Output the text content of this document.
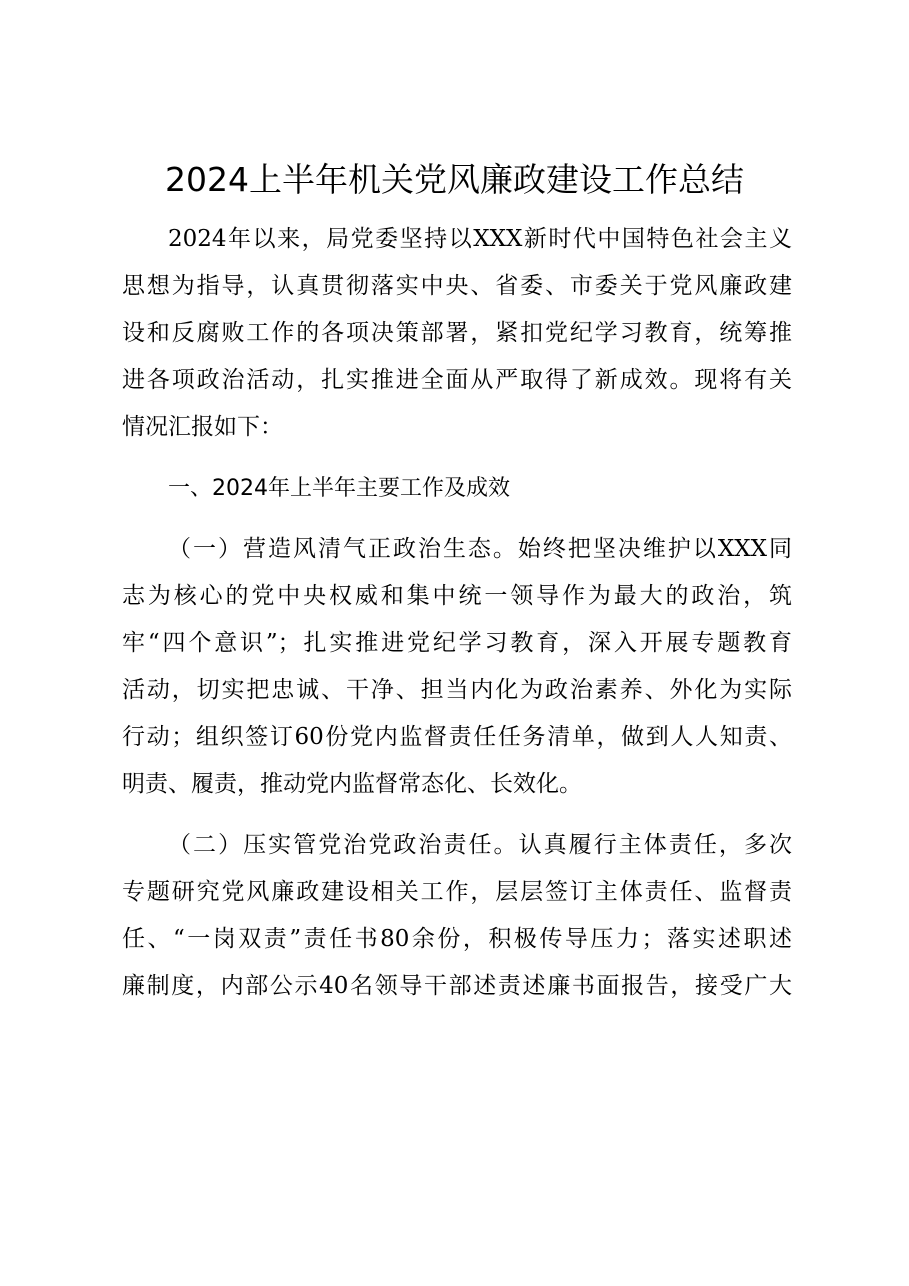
2024上半年机关党风廉政建设工作总结
2024年以来，局党委坚持以XXX新时代中国特色社会主义
思想为指导，认真贯彻落实中央、省委、市委关于党风廉政建
设和反腐败工作的各项决策部署，紧扣党纪学习教育，统筹推
进各项政治活动，扎实推进全面从严取得了新成效。现将有关
情况汇报如下：
一、2024年上半年主要工作及成效
（一）营造风清气正政治生态。始终把坚决维护以XXX同
志为核心的党中央权威和集中统一领导作为最大的政治，筑
牢“四个意识”；扎实推进党纪学习教育，深入开展专题教育
活动，切实把忠诚、干净、担当内化为政治素养、外化为实际
行动；组织签订60份党内监督责任任务清单，做到人人知责、
明责、履责，推动党内监督常态化、长效化。
（二）压实管党治党政治责任。认真履行主体责任，多次
专题研究党风廉政建设相关工作，层层签订主体责任、监督责
任、“一岗双责”责任书80余份，积极传导压力；落实述职述
廉制度，内部公示40名领导干部述责述廉书面报告，接受广大
